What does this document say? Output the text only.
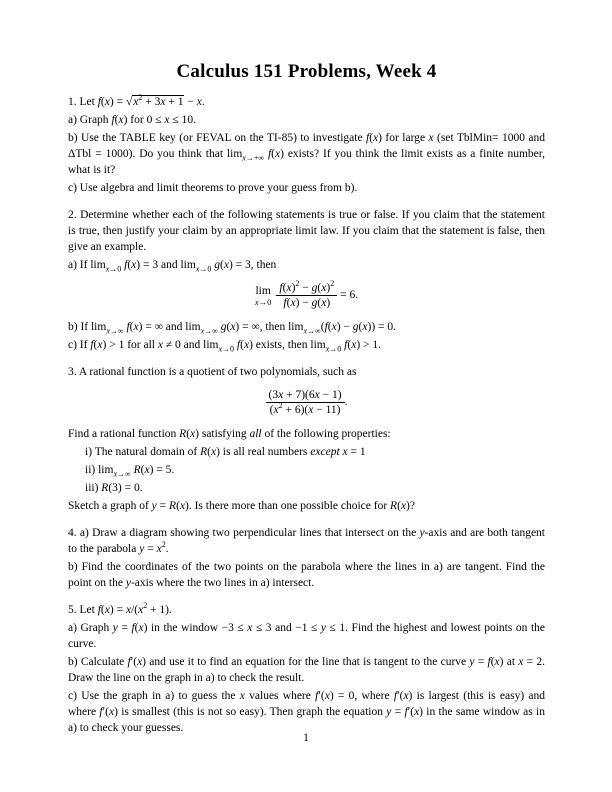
Calculus 151 Problems, Week 4

1. Let $f(x) = √x^2 + 3x + 1 - x$.

a) Graph f(x) for 0 ≤ x ≤ 10.

b) Use the TABLE key (or FEVAL on the TI-85) to investigate f(x) for large x (set TblMin= 1000 and ΔTbl = 1000). Do you think that $\lim_{x\to+\infty} f(x)$ exists? If you think the limit exists as a finite number, what is it?

c) Use algebra and limit theorems to prove your guess from b).

2. Determine whether each of the following statements is true or false. If you claim that the statement is true, then justify your claim by an appropriate limit law. If you claim that the statement is false, then give an example.

a) If $\lim_{x\to 0} f(x) = 3$ and $\lim_{x\to 0} g(x) = 3$, then

lim
$x\to 0 \frac{f(x)^2 - g(x)^2}{f(x) - g(x)} = 6$.

b) If $\lim_{x\to\infty} f(x)$ = ∞ and $\lim_{x\to\infty} g(x)$ = ∞, then $\lim_{x\to\infty}(f(x) - g(x)) = 0$.

c) If f(x) > 1 for all x ≠ 0 and $\lim_{x\to 0} f(x)$ exists, then $\lim_{x\to 0} f(x) > 1$.

3. A rational function is a quotient of two polynomials, such as

$\frac{(3x + 7)(6x - 1)}{(x^2 + 6)(x - 11)}$ .

Find a rational function R(x) satisfying all of the following properties:

i) The natural domain of R(x) is all real numbers except x = 1

ii) $\lim_{x\to\infty} R(x) = 5$.

iii) R(3) = 0.

Sketch a graph of y = R(x). Is there more than one possible choice for R(x)?

4. a) Draw a diagram showing two perpendicular lines that intersect on the y-axis and are both tangent to the parabola $y = x^2$.

b) Find the coordinates of the two points on the parabola where the lines in a) are tangent. Find the point on the y-axis where the two lines in a) intersect.

5. Let $f(x) = x/(x^2 + 1)$.

a) Graph y = f(x) in the window −3 ≤ x ≤ 3 and −1 ≤ y ≤ 1. Find the highest and lowest points on the curve.

b) Calculate f′(x) and use it to find an equation for the line that is tangent to the curve y = f(x) at x = 2. Draw the line on the graph in a) to check the result.

c) Use the graph in a) to guess the x values where f′(x) = 0, where f′(x) is largest (this is easy) and where f′(x) is smallest (this is not so easy). Then graph the equation y = f′(x) in the same window as in a) to check your guesses.

1
